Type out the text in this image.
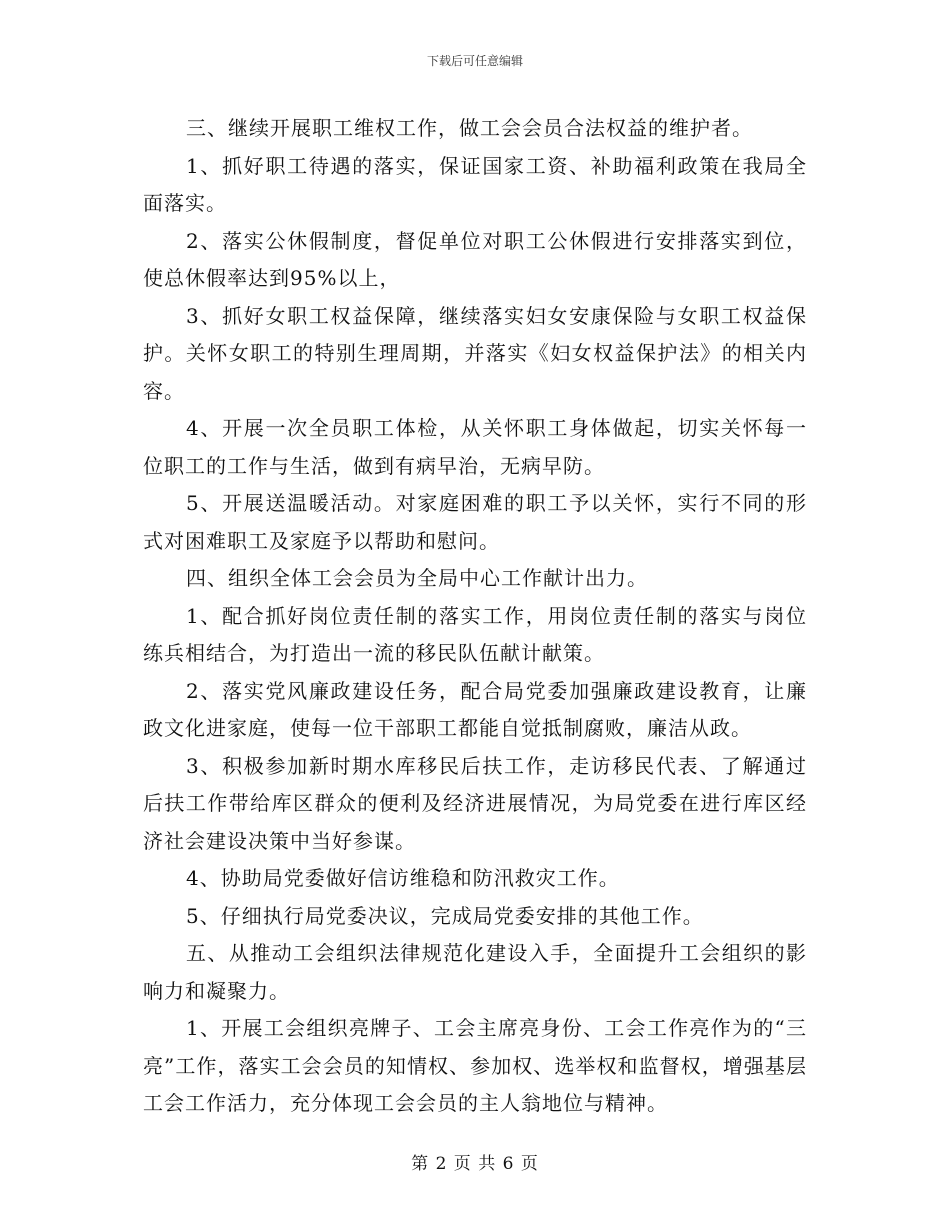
下载后可任意编辑

三、继续开展职工维权工作，做工会会员合法权益的维护者。

1、抓好职工待遇的落实，保证国家工资、补助福利政策在我局全面落实。

2、落实公休假制度，督促单位对职工公休假进行安排落实到位，使总休假率达到95%以上，

3、抓好女职工权益保障，继续落实妇女安康保险与女职工权益保护。关怀女职工的特别生理周期，并落实《妇女权益保护法》的相关内容。

4、开展一次全员职工体检，从关怀职工身体做起，切实关怀每一位职工的工作与生活，做到有病早治，无病早防。

5、开展送温暖活动。对家庭困难的职工予以关怀，实行不同的形式对困难职工及家庭予以帮助和慰问。

四、组织全体工会会员为全局中心工作献计出力。

1、配合抓好岗位责任制的落实工作，用岗位责任制的落实与岗位练兵相结合，为打造出一流的移民队伍献计献策。

2、落实党风廉政建设任务，配合局党委加强廉政建设教育，让廉政文化进家庭，使每一位干部职工都能自觉抵制腐败，廉洁从政。

3、积极参加新时期水库移民后扶工作，走访移民代表、了解通过后扶工作带给库区群众的便利及经济进展情况，为局党委在进行库区经济社会建设决策中当好参谋。

4、协助局党委做好信访维稳和防汛救灾工作。

5、仔细执行局党委决议，完成局党委安排的其他工作。

五、从推动工会组织法律规范化建设入手，全面提升工会组织的影响力和凝聚力。

1、开展工会组织亮牌子、工会主席亮身份、工会工作亮作为的“三亮”工作，落实工会会员的知情权、参加权、选举权和监督权，增强基层工会工作活力，充分体现工会会员的主人翁地位与精神。

第 2 页 共 6 页
